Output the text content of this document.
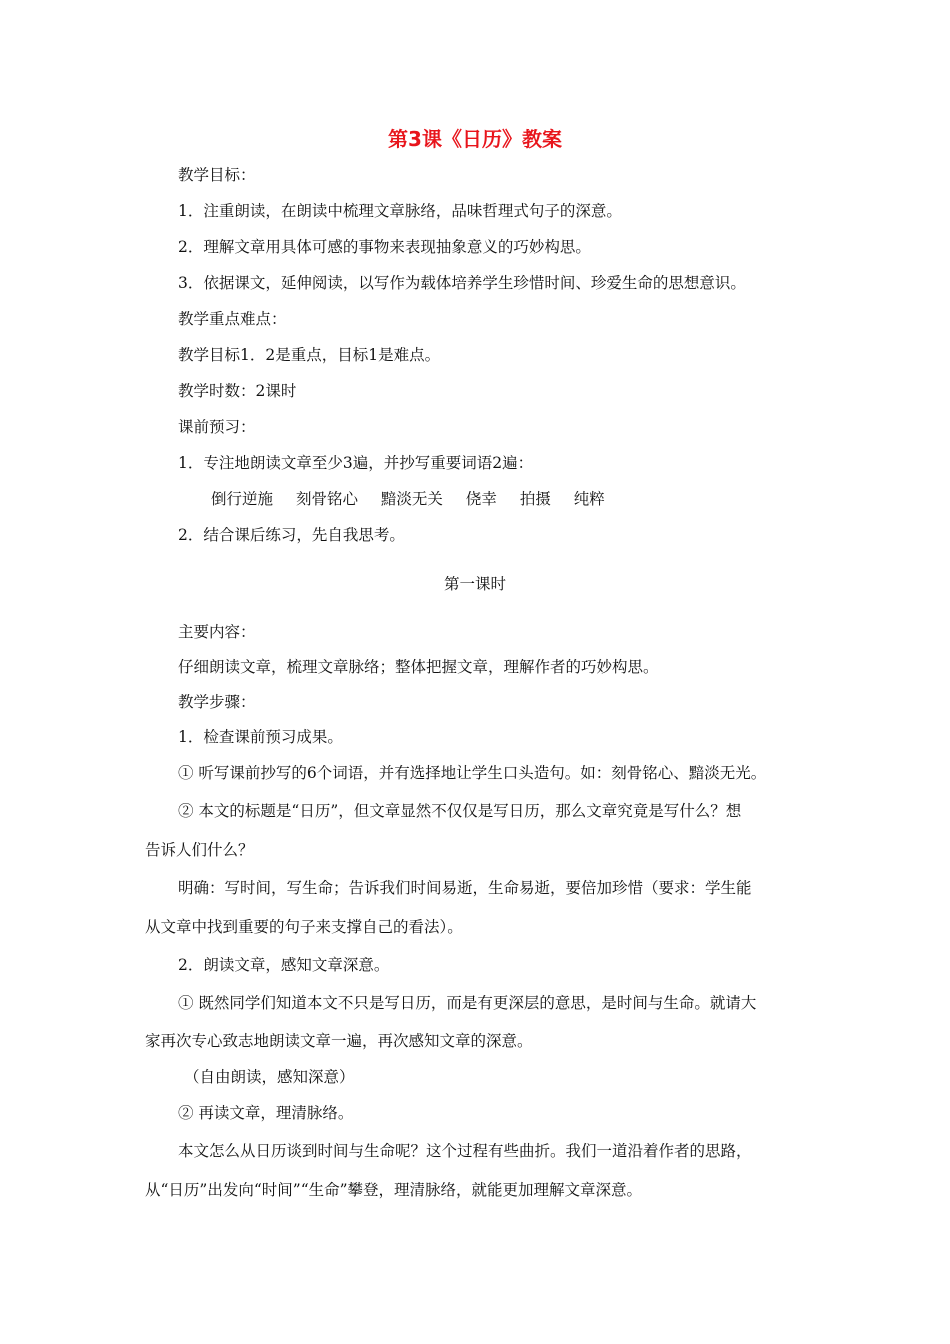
第3课《日历》教案
教学目标：
1．注重朗读，在朗读中梳理文章脉络，品味哲理式句子的深意。
2．理解文章用具体可感的事物来表现抽象意义的巧妙构思。
3．依据课文，延伸阅读，以写作为载体培养学生珍惜时间、珍爱生命的思想意识。
教学重点难点：
教学目标1．2是重点，目标1是难点。
教学时数：2课时
课前预习：
1．专注地朗读文章至少3遍，并抄写重要词语2遍：
倒行逆施 刻骨铭心 黯淡无关 侥幸 拍摄 纯粹
2．结合课后练习，先自我思考。
第一课时
主要内容：
仔细朗读文章，梳理文章脉络；整体把握文章，理解作者的巧妙构思。
教学步骤：
1．检查课前预习成果。
① 听写课前抄写的6个词语，并有选择地让学生口头造句。如：刻骨铭心、黯淡无光。
② 本文的标题是“日历”，但文章显然不仅仅是写日历，那么文章究竟是写什么？想
告诉人们什么？
明确：写时间，写生命；告诉我们时间易逝，生命易逝，要倍加珍惜（要求：学生能
从文章中找到重要的句子来支撑自己的看法）。
2．朗读文章，感知文章深意。
① 既然同学们知道本文不只是写日历，而是有更深层的意思，是时间与生命。就请大
家再次专心致志地朗读文章一遍，再次感知文章的深意。
（自由朗读，感知深意）
② 再读文章，理清脉络。
本文怎么从日历谈到时间与生命呢？这个过程有些曲折。我们一道沿着作者的思路，
从“日历”出发向“时间”“生命”攀登，理清脉络，就能更加理解文章深意。
